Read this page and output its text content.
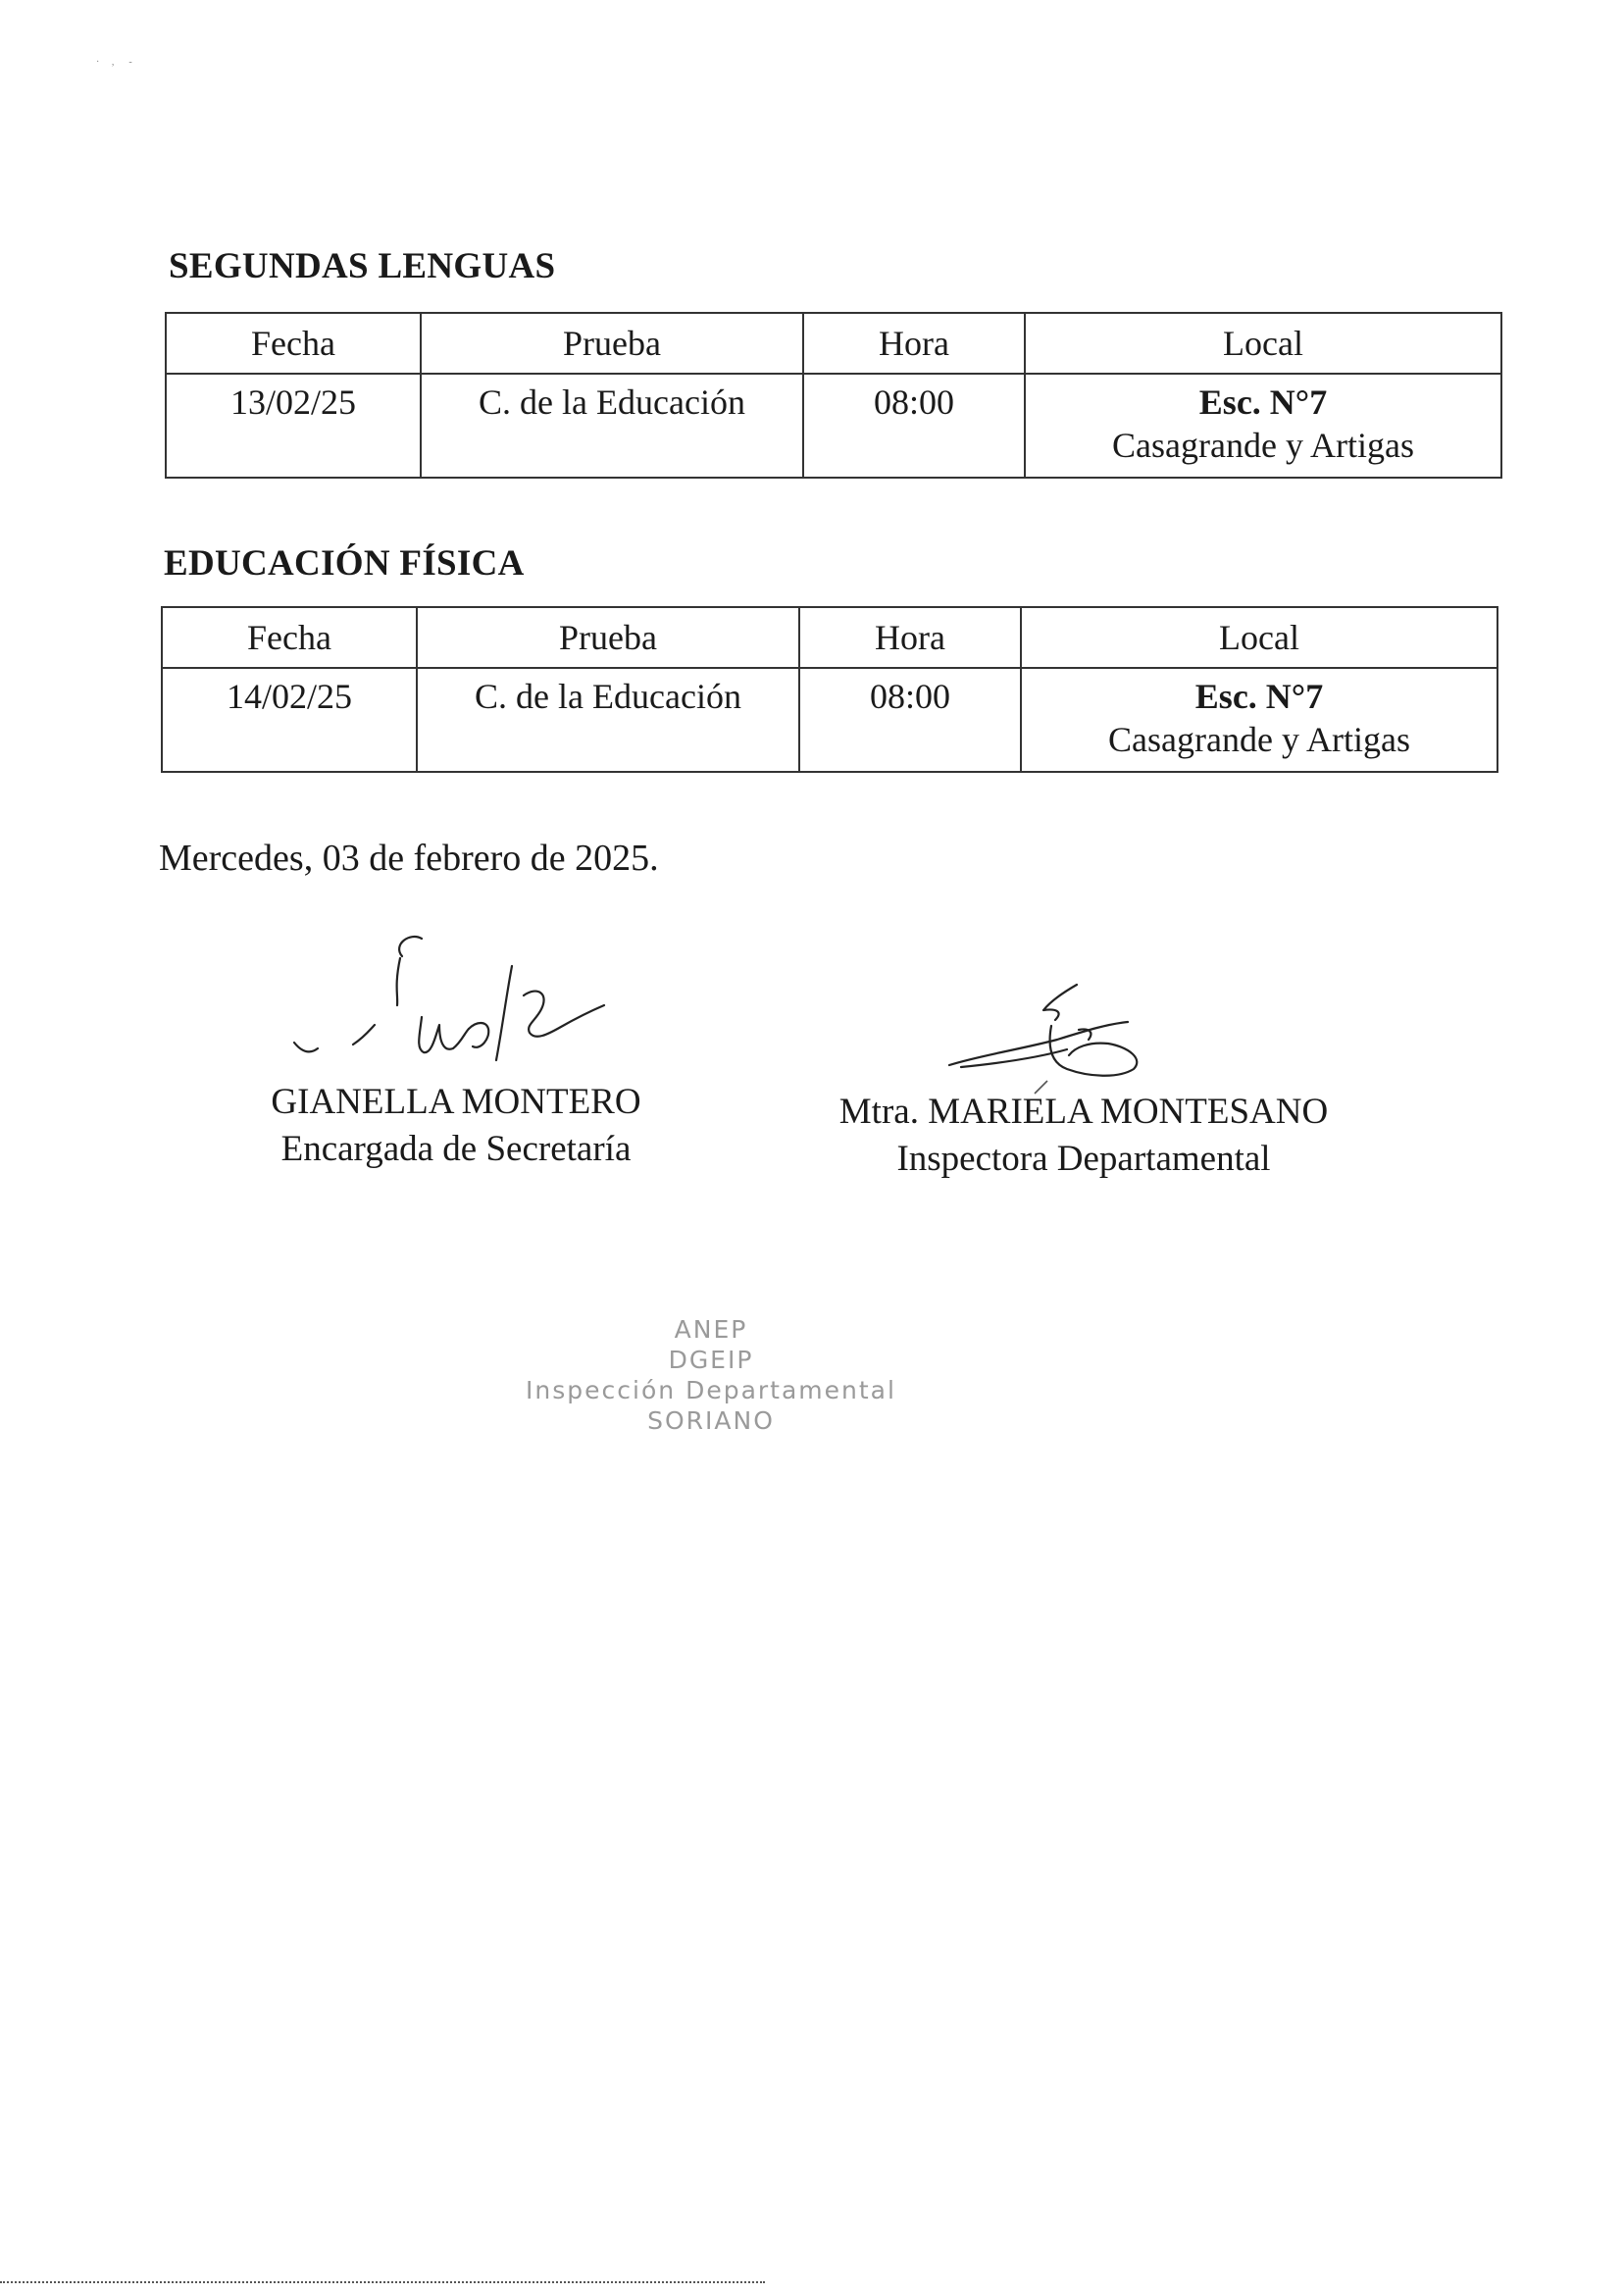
·     ,      ‐
SEGUNDAS LENGUAS
Fecha	Prueba	Hora	Local
13/02/25	C. de la Educación	08:00	Esc. N°7
Casagrande y Artigas
EDUCACIÓN FÍSICA
Fecha	Prueba	Hora	Local
14/02/25	C. de la Educación	08:00	Esc. N°7
Casagrande y Artigas
Mercedes, 03 de febrero de 2025.
GIANELLA MONTERO
Encargada de Secretaría
Mtra. MARIELA MONTESANO
Inspectora Departamental
ANEP
DGEIP
Inspección Departamental
SORIANO
